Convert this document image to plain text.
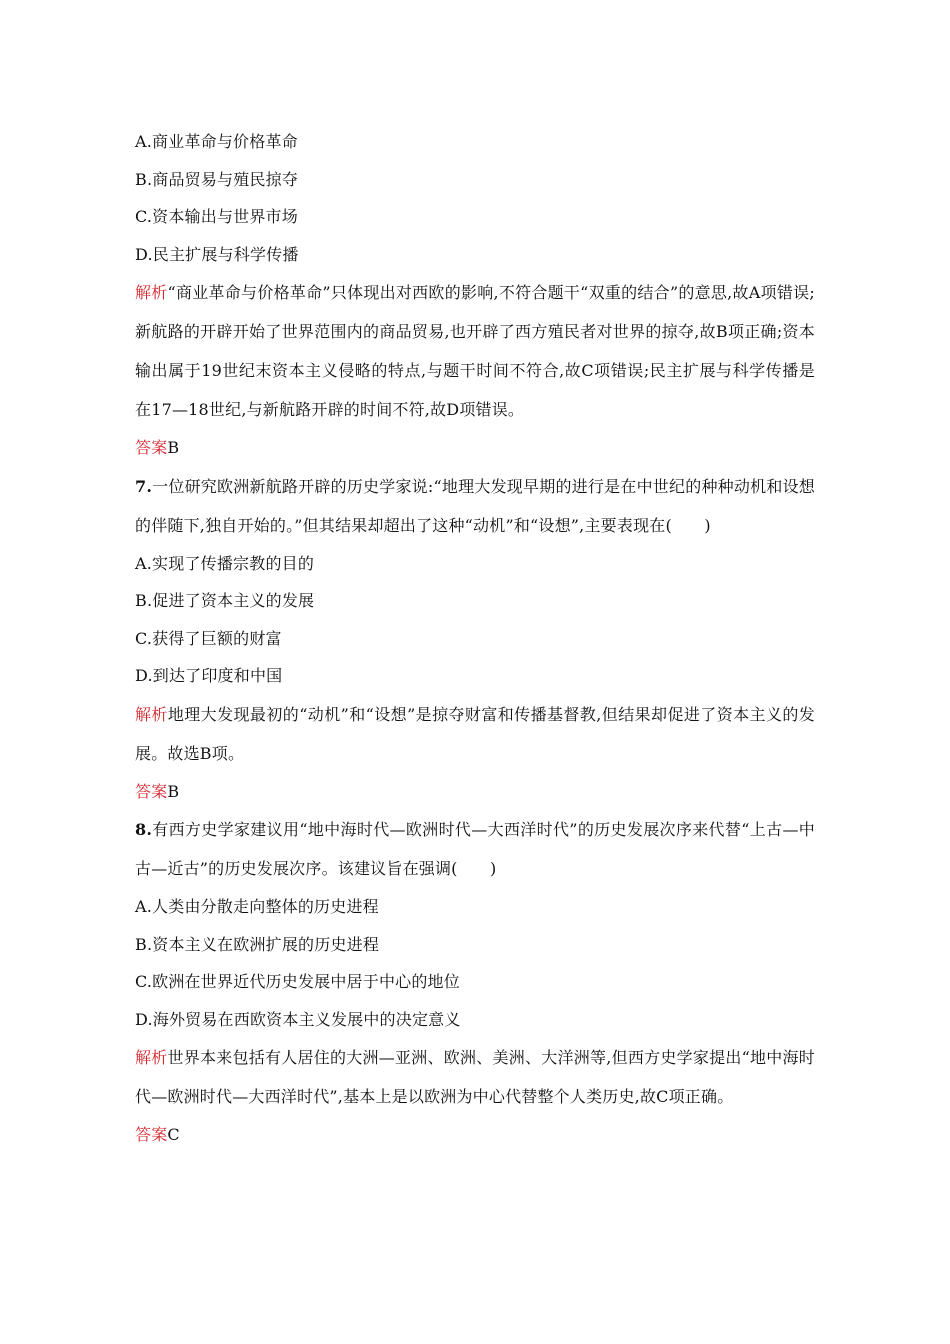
A.商业革命与价格革命
B.商品贸易与殖民掠夺
C.资本输出与世界市场
D.民主扩展与科学传播
解析“商业革命与价格革命”只体现出对西欧的影响,不符合题干“双重的结合”的意思,故A项错误;新航路的开辟开始了世界范围内的商品贸易,也开辟了西方殖民者对世界的掠夺,故B项正确;资本输出属于19世纪末资本主义侵略的特点,与题干时间不符合,故C项错误;民主扩展与科学传播是在17—18世纪,与新航路开辟的时间不符,故D项错误。
答案B
7.一位研究欧洲新航路开辟的历史学家说:“地理大发现早期的进行是在中世纪的种种动机和设想的伴随下,独自开始的。”但其结果却超出了这种“动机”和“设想”,主要表现在(　　)
A.实现了传播宗教的目的
B.促进了资本主义的发展
C.获得了巨额的财富
D.到达了印度和中国
解析地理大发现最初的“动机”和“设想”是掠夺财富和传播基督教,但结果却促进了资本主义的发展。故选B项。
答案B
8.有西方史学家建议用“地中海时代—欧洲时代—大西洋时代”的历史发展次序来代替“上古—中古—近古”的历史发展次序。该建议旨在强调(　　)
A.人类由分散走向整体的历史进程
B.资本主义在欧洲扩展的历史进程
C.欧洲在世界近代历史发展中居于中心的地位
D.海外贸易在西欧资本主义发展中的决定意义
解析世界本来包括有人居住的大洲—亚洲、欧洲、美洲、大洋洲等,但西方史学家提出“地中海时代—欧洲时代—大西洋时代”,基本上是以欧洲为中心代替整个人类历史,故C项正确。
答案C
